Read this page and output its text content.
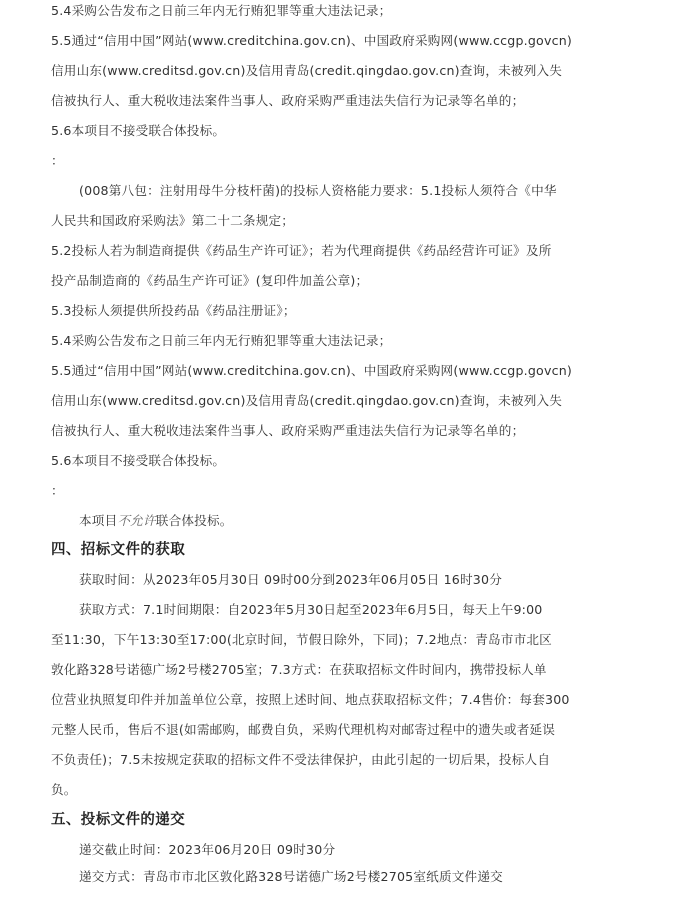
5.4采购公告发布之日前三年内无行贿犯罪等重大违法记录；
5.5通过“信用中国”网站(www.creditchina.gov.cn)、中国政府采购网(www.ccgp.govcn)
信用山东(www.creditsd.gov.cn)及信用青岛(credit.qingdao.gov.cn)查询，未被列入失
信被执行人、重大税收违法案件当事人、政府采购严重违法失信行为记录等名单的；
5.6本项目不接受联合体投标。
：
(008第八包：注射用母牛分枝杆菌)的投标人资格能力要求：5.1投标人须符合《中华
人民共和国政府采购法》第二十二条规定；
5.2投标人若为制造商提供《药品生产许可证》；若为代理商提供《药品经营许可证》及所
投产品制造商的《药品生产许可证》(复印件加盖公章)；
5.3投标人须提供所投药品《药品注册证》；
5.4采购公告发布之日前三年内无行贿犯罪等重大违法记录；
5.5通过“信用中国”网站(www.creditchina.gov.cn)、中国政府采购网(www.ccgp.govcn)
信用山东(www.creditsd.gov.cn)及信用青岛(credit.qingdao.gov.cn)查询，未被列入失
信被执行人、重大税收违法案件当事人、政府采购严重违法失信行为记录等名单的；
5.6本项目不接受联合体投标。
：
本项目不允许联合体投标。
四、招标文件的获取
获取时间：从2023年05月30日 09时00分到2023年06月05日 16时30分
获取方式：7.1时间期限：自2023年5月30日起至2023年6月5日，每天上午9:00
至11:30，下午13:30至17:00(北京时间，节假日除外，下同)；7.2地点：青岛市市北区
敦化路328号诺德广场2号楼2705室；7.3方式：在获取招标文件时间内，携带投标人单
位营业执照复印件并加盖单位公章，按照上述时间、地点获取招标文件；7.4售价：每套300
元整人民币，售后不退(如需邮购，邮费自负，采购代理机构对邮寄过程中的遗失或者延误
不负责任)；7.5未按规定获取的招标文件不受法律保护，由此引起的一切后果，投标人自
负。
五、投标文件的递交
递交截止时间：2023年06月20日 09时30分
递交方式：青岛市市北区敦化路328号诺德广场2号楼2705室纸质文件递交
